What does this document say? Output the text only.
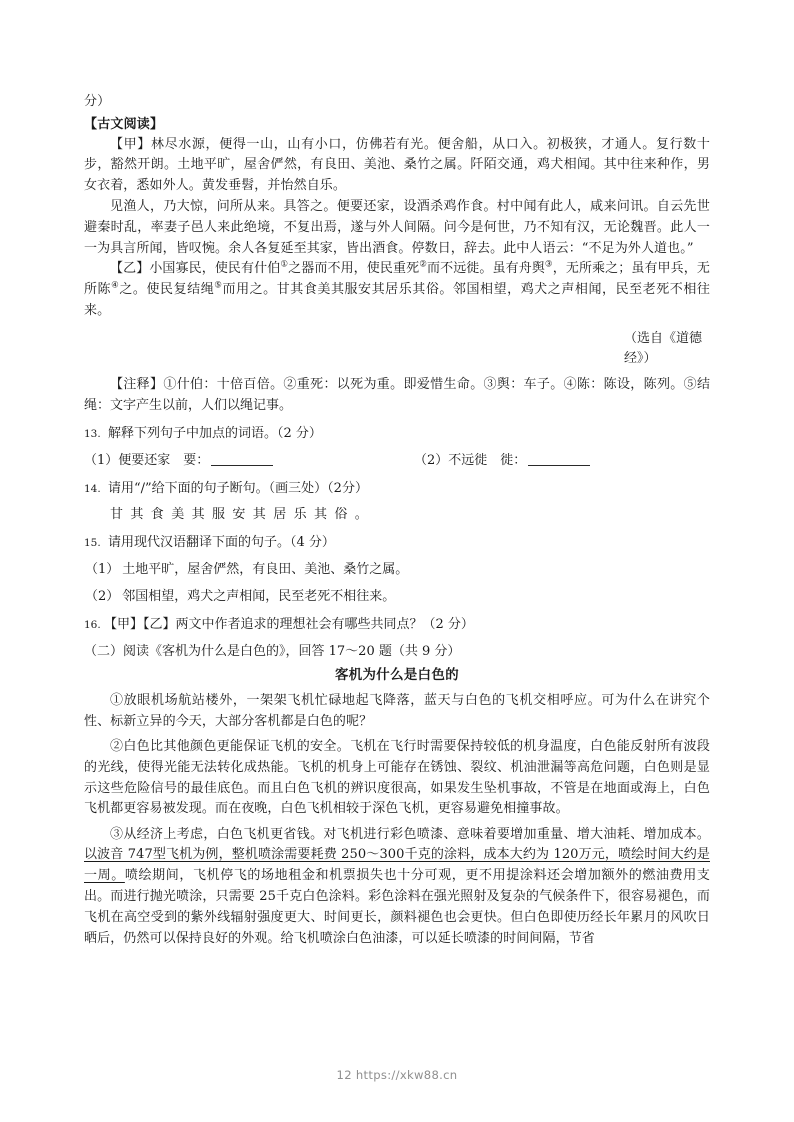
分）
【古文阅读】
【甲】林尽水源，便得一山，山有小口，仿佛若有光。便舍船，从口入。初极狭，才通人。复行数十步，豁然开朗。土地平旷，屋舍俨然，有良田、美池、桑竹之属。阡陌交通，鸡犬相闻。其中往来种作，男女衣着，悉如外人。黄发垂髫，并怡然自乐。
见渔人，乃大惊，问所从来。具答之。便要还家，设酒杀鸡作食。村中闻有此人，咸来问讯。自云先世避秦时乱，率妻子邑人来此绝境，不复出焉，遂与外人间隔。问今是何世，乃不知有汉，无论魏晋。此人一一为具言所闻，皆叹惋。余人各复延至其家，皆出酒食。停数日，辞去。此中人语云：“不足为外人道也。”
【乙】小国寡民，使民有什伯①之器而不用，使民重死②而不远徙。虽有舟舆③，无所乘之；虽有甲兵，无所陈④之。使民复结绳⑤而用之。甘其食美其服安其居乐其俗。邻国相望，鸡犬之声相闻，民至老死不相往来。
（选自《道德经》）
【注释】①什伯：十倍百倍。②重死：以死为重。即爱惜生命。③舆：车子。④陈：陈设，陈列。⑤结绳：文字产生以前，人们以绳记事。
13. 解释下列句子中加点的词语。（2 分）
（1）便要还家　要：	（2）不远徙　徙：
14. 请用“/”给下面的句子断句。（画三处）（2分）
甘其食美其服安其居乐其俗。
15. 请用现代汉语翻译下面的句子。（4 分）
（1） 土地平旷，屋舍俨然，有良田、美池、桑竹之属。
（2） 邻国相望，鸡犬之声相闻，民至老死不相往来。
16. 【甲】【乙】两文中作者追求的理想社会有哪些共同点？（2 分）
（二）阅读《客机为什么是白色的》，回答 17～20 题（共 9 分）
客机为什么是白色的
①放眼机场航站楼外，一架架飞机忙碌地起飞降落，蓝天与白色的飞机交相呼应。可为什么在讲究个性、标新立异的今天，大部分客机都是白色的呢？
②白色比其他颜色更能保证飞机的安全。飞机在飞行时需要保持较低的机身温度，白色能反射所有波段的光线，使得光能无法转化成热能。飞机的机身上可能存在锈蚀、裂纹、机油泄漏等高危问题，白色则是显示这些危险信号的最佳底色。而且白色飞机的辨识度很高，如果发生坠机事故，不管是在地面或海上，白色飞机都更容易被发现。而在夜晚，白色飞机相较于深色飞机，更容易避免相撞事故。
③从经济上考虑，白色飞机更省钱。对飞机进行彩色喷漆、意味着要增加重量、增大油耗、增加成本。以波音 747型飞机为例，整机喷涂需要耗费 250～300千克的涂料，成本大约为 120万元，喷绘时间大约是一周。喷绘期间，飞机停飞的场地租金和机票损失也十分可观，更不用提涂料还会增加额外的燃油费用支出。而进行抛光喷涂，只需要 25千克白色涂料。彩色涂料在强光照射及复杂的气候条件下，很容易褪色，而飞机在高空受到的紫外线辐射强度更大、时间更长，颜料褪色也会更快。但白色即使历经长年累月的风吹日晒后，仍然可以保持良好的外观。给飞机喷涂白色油漆，可以延长喷漆的时间间隔，节省
12 https://xkw88.cn
